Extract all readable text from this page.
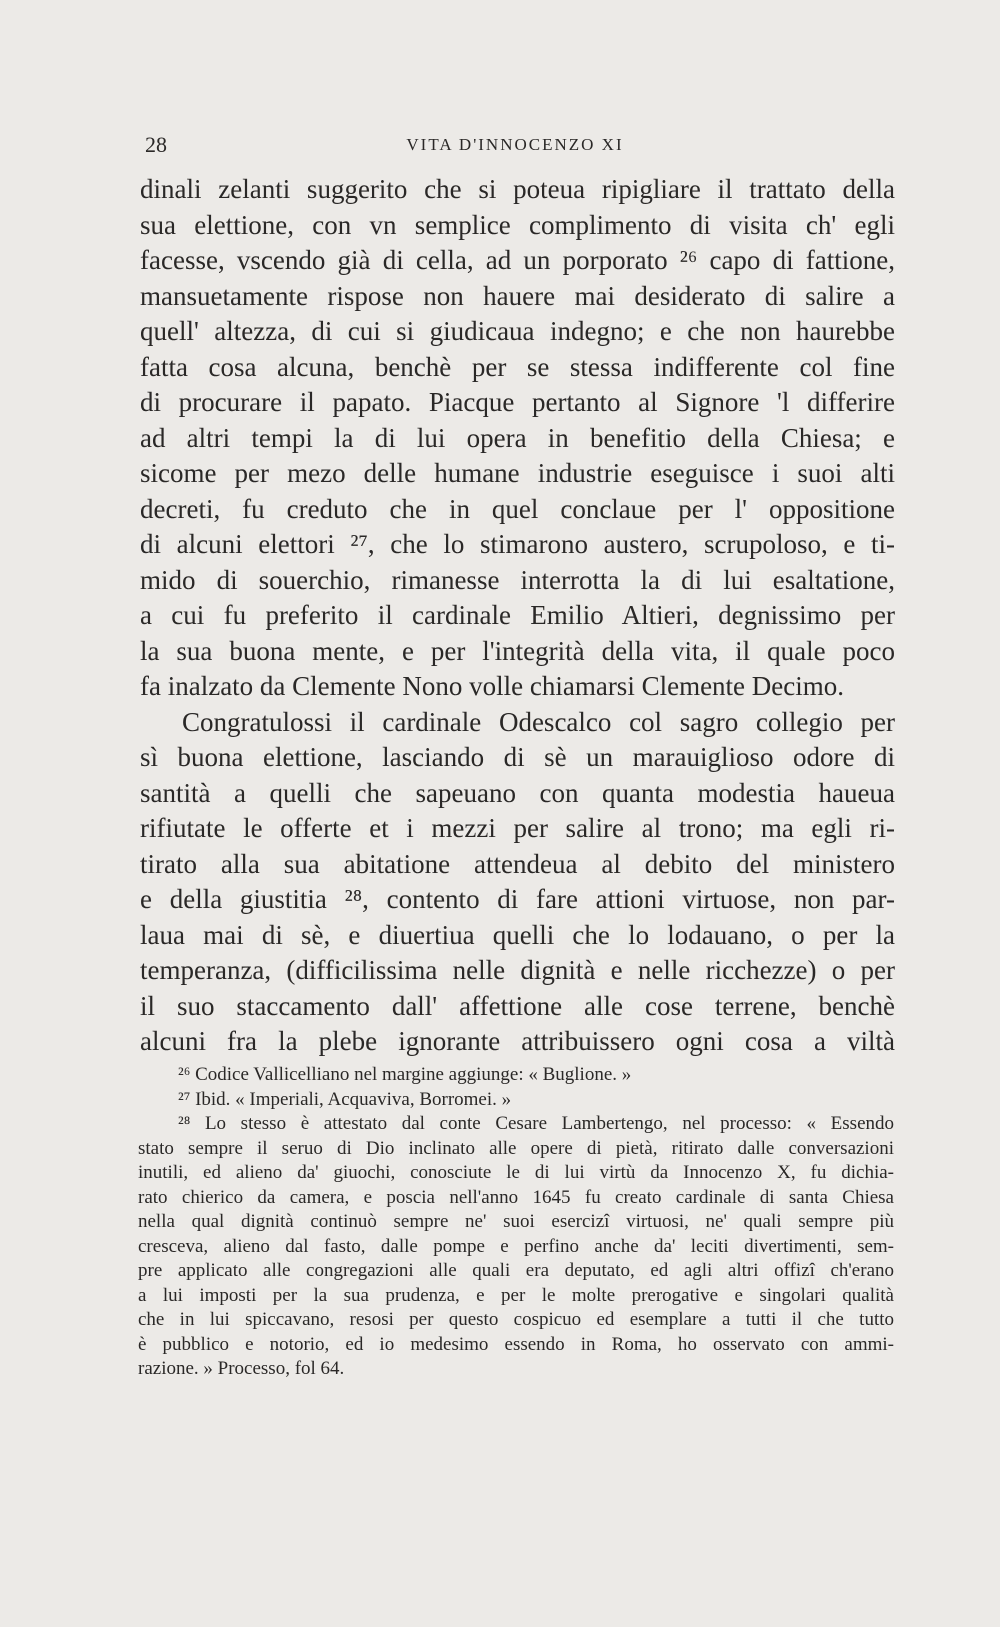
28	VITA D'INNOCENZO XI
dinali zelanti suggerito che si poteua ripigliare il trattato della
sua elettione, con vn semplice complimento di visita ch' egli
facesse, vscendo già di cella, ad un porporato ²⁶ capo di fattione,
mansuetamente rispose non hauere mai desiderato di salire a
quell' altezza, di cui si giudicaua indegno; e che non haurebbe
fatta cosa alcuna, benchè per se stessa indifferente col fine
di procurare il papato. Piacque pertanto al Signore 'l differire
ad altri tempi la di lui opera in benefitio della Chiesa; e
sicome per mezo delle humane industrie eseguisce i suoi alti
decreti, fu creduto che in quel conclaue per l' oppositione
di alcuni elettori ²⁷, che lo stimarono austero, scrupoloso, e ti-
mido di souerchio, rimanesse interrotta la di lui esaltatione,
a cui fu preferito il cardinale Emilio Altieri, degnissimo per
la sua buona mente, e per l'integrità della vita, il quale poco
fa inalzato da Clemente Nono volle chiamarsi Clemente Decimo.
Congratulossi il cardinale Odescalco col sagro collegio per
sì buona elettione, lasciando di sè un marauiglioso odore di
santità a quelli che sapeuano con quanta modestia haueua
rifiutate le offerte et i mezzi per salire al trono; ma egli ri-
tirato alla sua abitatione attendeua al debito del ministero
e della giustitia ²⁸, contento di fare attioni virtuose, non par-
laua mai di sè, e diuertiua quelli che lo lodauano, o per la
temperanza, (difficilissima nelle dignità e nelle ricchezze) o per
il suo staccamento dall' affettione alle cose terrene, benchè
alcuni fra la plebe ignorante attribuissero ogni cosa a viltà
²⁶ Codice Vallicelliano nel margine aggiunge: « Buglione. »
²⁷ Ibid. « Imperiali, Acquaviva, Borromei. »
²⁸ Lo stesso è attestato dal conte Cesare Lambertengo, nel processo: « Essendo
stato sempre il seruo di Dio inclinato alle opere di pietà, ritirato dalle conversazioni
inutili, ed alieno da' giuochi, conosciute le di lui virtù da Innocenzo X, fu dichia-
rato chierico da camera, e poscia nell'anno 1645 fu creato cardinale di santa Chiesa
nella qual dignità continuò sempre ne' suoi esercizî virtuosi, ne' quali sempre più
cresceva, alieno dal fasto, dalle pompe e perfino anche da' leciti divertimenti, sem-
pre applicato alle congregazioni alle quali era deputato, ed agli altri offizî ch'erano
a lui imposti per la sua prudenza, e per le molte prerogative e singolari qualità
che in lui spiccavano, resosi per questo cospicuo ed esemplare a tutti il che tutto
è pubblico e notorio, ed io medesimo essendo in Roma, ho osservato con ammi-
razione. » Processo, fol 64.
